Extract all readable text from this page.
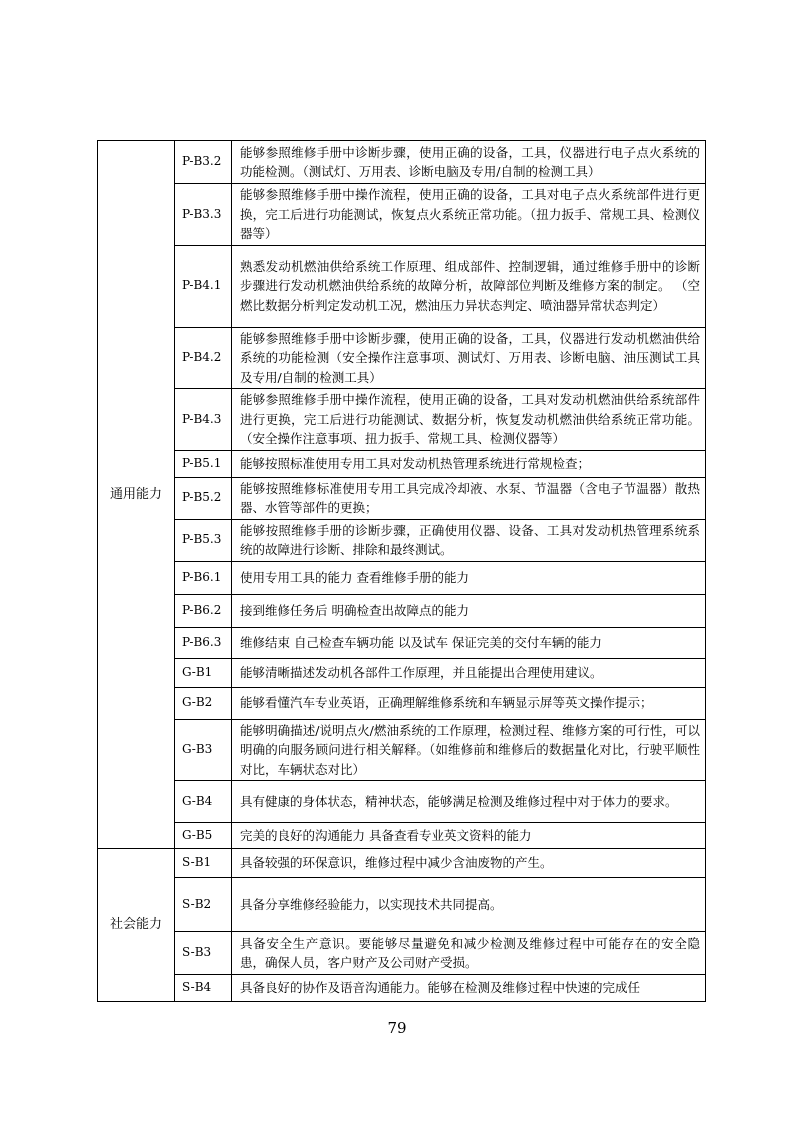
通用能力	P-B3.2	能够参照维修手册中诊断步骤，使用正确的设备，工具，仪器进行电子点火系统的功能检测。（测试灯、万用表、诊断电脑及专用/自制的检测工具）
	P-B3.3	能够参照维修手册中操作流程，使用正确的设备，工具对电子点火系统部件进行更换，完工后进行功能测试，恢复点火系统正常功能。（扭力扳手、常规工具、检测仪器等）
	P-B4.1	熟悉发动机燃油供给系统工作原理、组成部件、控制逻辑，通过维修手册中的诊断步骤进行发动机燃油供给系统的故障分析，故障部位判断及维修方案的制定。 （空燃比数据分析判定发动机工况，燃油压力异状态判定、喷油器异常状态判定）
	P-B4.2	能够参照维修手册中诊断步骤，使用正确的设备，工具，仪器进行发动机燃油供给系统的功能检测（安全操作注意事项、测试灯、万用表、诊断电脑、油压测试工具及专用/自制的检测工具）
	P-B4.3	能够参照维修手册中操作流程，使用正确的设备，工具对发动机燃油供给系统部件进行更换，完工后进行功能测试、数据分析，恢复发动机燃油供给系统正常功能。（安全操作注意事项、扭力扳手、常规工具、检测仪器等）
	P-B5.1	能够按照标准使用专用工具对发动机热管理系统进行常规检查；
	P-B5.2	能够按照维修标准使用专用工具完成冷却液、水泵、节温器（含电子节温器）散热器、水管等部件的更换；
	P-B5.3	能够按照维修手册的诊断步骤，正确使用仪器、设备、工具对发动机热管理系统系统的故障进行诊断、排除和最终测试。
	P-B6.1	使用专用工具的能力 查看维修手册的能力
	P-B6.2	接到维修任务后 明确检查出故障点的能力
	P-B6.3	维修结束 自己检查车辆功能 以及试车 保证完美的交付车辆的能力
	G-B1	能够清晰描述发动机各部件工作原理，并且能提出合理使用建议。
	G-B2	能够看懂汽车专业英语，正确理解维修系统和车辆显示屏等英文操作提示；
	G-B3	能够明确描述/说明点火/燃油系统的工作原理，检测过程、维修方案的可行性，可以明确的向服务顾问进行相关解释。（如维修前和维修后的数据量化对比，行驶平顺性对比，车辆状态对比）
	G-B4	具有健康的身体状态，精神状态，能够满足检测及维修过程中对于体力的要求。
	G-B5	完美的良好的沟通能力 具备查看专业英文资料的能力
社会能力	S-B1	具备较强的环保意识，维修过程中减少含油废物的产生。
	S-B2	具备分享维修经验能力，以实现技术共同提高。
	S-B3	具备安全生产意识。要能够尽量避免和减少检测及维修过程中可能存在的安全隐患，确保人员，客户财产及公司财产受损。
	S-B4	具备良好的协作及语音沟通能力。能够在检测及维修过程中快速的完成任
79
